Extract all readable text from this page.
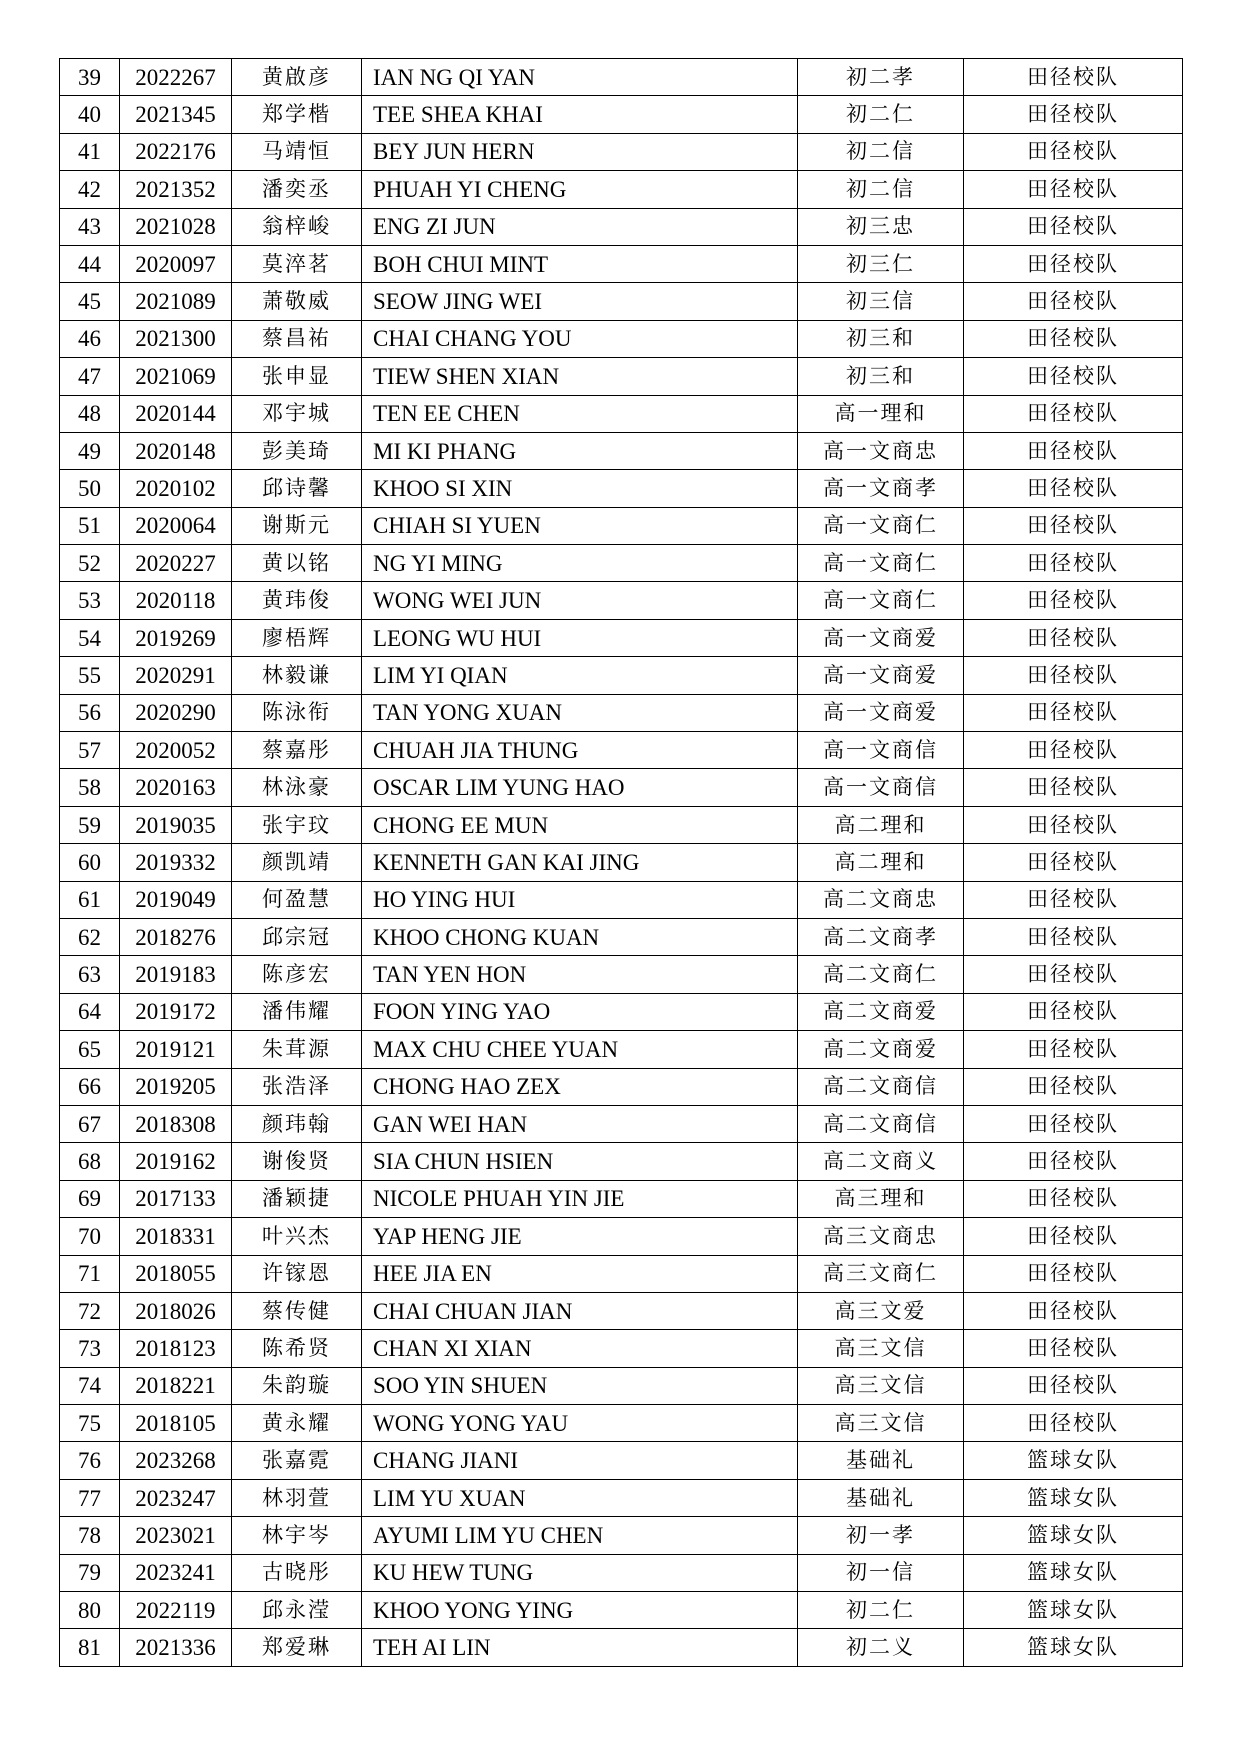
39	2022267	黄啟彦	IAN NG QI YAN	初二孝	田径校队
40	2021345	郑学楷	TEE SHEA KHAI	初二仁	田径校队
41	2022176	马靖恒	BEY JUN HERN	初二信	田径校队
42	2021352	潘奕丞	PHUAH YI CHENG	初二信	田径校队
43	2021028	翁梓峻	ENG ZI JUN	初三忠	田径校队
44	2020097	莫淬茗	BOH CHUI MINT	初三仁	田径校队
45	2021089	萧敬威	SEOW JING WEI	初三信	田径校队
46	2021300	蔡昌祐	CHAI CHANG YOU	初三和	田径校队
47	2021069	张申显	TIEW SHEN XIAN	初三和	田径校队
48	2020144	邓宇城	TEN EE CHEN	高一理和	田径校队
49	2020148	彭美琦	MI KI PHANG	高一文商忠	田径校队
50	2020102	邱诗馨	KHOO SI XIN	高一文商孝	田径校队
51	2020064	谢斯元	CHIAH SI YUEN	高一文商仁	田径校队
52	2020227	黄以铭	NG YI MING	高一文商仁	田径校队
53	2020118	黄玮俊	WONG WEI JUN	高一文商仁	田径校队
54	2019269	廖梧辉	LEONG WU HUI	高一文商爱	田径校队
55	2020291	林毅谦	LIM YI QIAN	高一文商爱	田径校队
56	2020290	陈泳衔	TAN YONG XUAN	高一文商爱	田径校队
57	2020052	蔡嘉彤	CHUAH JIA THUNG	高一文商信	田径校队
58	2020163	林泳豪	OSCAR LIM YUNG HAO	高一文商信	田径校队
59	2019035	张宇玟	CHONG EE MUN	高二理和	田径校队
60	2019332	颜凯靖	KENNETH GAN KAI JING	高二理和	田径校队
61	2019049	何盈慧	HO YING HUI	高二文商忠	田径校队
62	2018276	邱宗冠	KHOO CHONG KUAN	高二文商孝	田径校队
63	2019183	陈彦宏	TAN YEN HON	高二文商仁	田径校队
64	2019172	潘伟耀	FOON YING YAO	高二文商爱	田径校队
65	2019121	朱茸源	MAX CHU CHEE YUAN	高二文商爱	田径校队
66	2019205	张浩泽	CHONG HAO ZEX	高二文商信	田径校队
67	2018308	颜玮翰	GAN WEI HAN	高二文商信	田径校队
68	2019162	谢俊贤	SIA CHUN HSIEN	高二文商义	田径校队
69	2017133	潘颖捷	NICOLE PHUAH YIN JIE	高三理和	田径校队
70	2018331	叶兴杰	YAP HENG JIE	高三文商忠	田径校队
71	2018055	许镓恩	HEE JIA EN	高三文商仁	田径校队
72	2018026	蔡传健	CHAI CHUAN JIAN	高三文爱	田径校队
73	2018123	陈希贤	CHAN XI XIAN	高三文信	田径校队
74	2018221	朱韵璇	SOO YIN SHUEN	高三文信	田径校队
75	2018105	黄永耀	WONG YONG YAU	高三文信	田径校队
76	2023268	张嘉霓	CHANG JIANI	基础礼	篮球女队
77	2023247	林羽萱	LIM YU XUAN	基础礼	篮球女队
78	2023021	林宇岑	AYUMI LIM YU CHEN	初一孝	篮球女队
79	2023241	古晓彤	KU HEW TUNG	初一信	篮球女队
80	2022119	邱永滢	KHOO YONG YING	初二仁	篮球女队
81	2021336	郑爱琳	TEH AI LIN	初二义	篮球女队
